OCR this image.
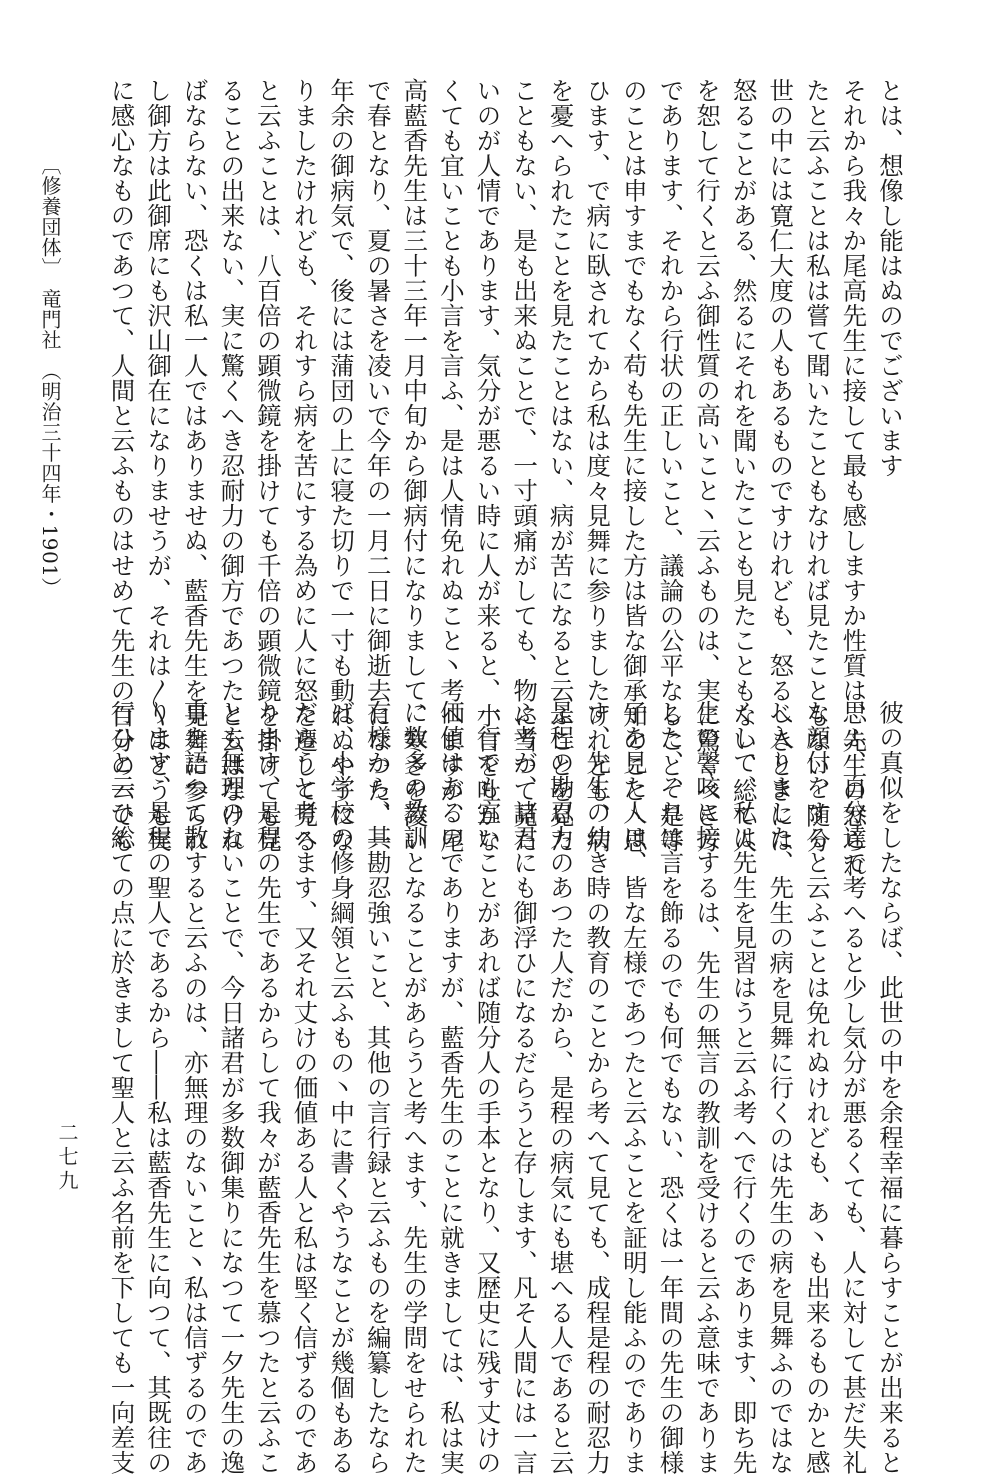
とは、想像し能はぬのでございます
それから我々か尾高先生に接して最も感しますか性質は、先生の怒られ
たと云ふことは私は嘗て聞いたこともなければ見たこともない、随分
世の中には寛仁大度の人もあるものですけれども、怒るへきときには
怒ることがある、然るにそれを聞いたことも見たこともない、総て人
を恕して行くと云ふ御性質の高いこと丶云ふものは、実に驚くべき方
であります、それから行状の正しいこと、議論の公平なること、是等
のことは申すまでもなく苟も先生に接した方は皆な御承知のこと丶思
ひます、で病に臥されてから私は度々見舞に参りましたけれども、病
を憂へられたことを見たことはない、病が苦になると云ふことを見た
こともない、是も出来ぬことで、一寸頭痛がしても、物に当つて見た
いのが人情であります、気分が悪るい時に人が来ると、小言を吐かな
くても宜いことも小言を言ふ、是は人情免れぬこと丶考へますが、尾
高藍香先生は三十三年一月中旬から御病付になりまして、寒さを凌い
で春となり、夏の暑さを凌いで今年の一月二日に御逝去になつた、一
年余の御病気で、後には蒲団の上に寝た切りで一寸も動れぬやうにな
りましたけれども、それすら病を苦にする為めに人に怒を遷して見る
と云ふことは、八百倍の顕微鏡を掛けても千倍の顕微鏡を掛けても見
ることの出来ない、実に驚くへき忍耐力の御方であつたと云はなけれ
ばならない、恐くは私一人ではありませぬ、藍香先生を見舞に参られ
し御方は此御席にも沢山御在になりませうが、それは〳〵はどうも実
に感心なものであつて、人間と云ふものはせめて先生の百分の一でも
彼の真似をしたならば、此世の中を余程幸福に暮らすことが出来ると
思ふ、自分達で考へると少し気分が悪るくても、人に対して甚だ失礼
な顔付をすると云ふことは免れぬけれども、あ丶も出来るものかと感
じ入りました、先生の病を見舞に行くのは先生の病を見舞ふのではな
くして、私は先生を見習はうと云ふ考へで行くのであります、即ち先
生の謦咳に接するは、先生の無言の教訓を受けると云ふ意味でありま
した、それは言を飾るのでも何でもない、恐くは一年間の先生の御様
子を見た人は、皆な左様であつたと云ふことを証明し能ふのでありま
す、先生の幼き時の教育のことから考へて見ても、成程是程の耐忍力
是程の勘忍力のあつた人だから、是程の病気にも堪へる人であると云
ふ考が、諸君にも御浮ひになるだらうと存します、凡そ人間には一言
一行でも宜いことがあれば随分人の手本となり、又歴史に残す丈けの
価値はあるのでありますが、藍香先生のことに就きましては、私は実
に数多の教訓となることがあらうと考へます、先生の学問をせられた
有様から、其勘忍強いこと、其他の言行録と云ふものを編纂したなら
ば、小学校の修身綱領と云ふもの丶中に書くやうなことが幾個もある
だらうと考へます、又それ丈けの価値ある人と私は堅く信ずるのであ
ります、是程の先生であるからして我々が藍香先生を慕つたと云ふこ
とも無理のないことで、今日諸君が多数御集りになつて一夕先生の逸
事を語つて散すると云ふのは、亦無理のないこと丶私は信ずるのであ
ります、是程の聖人であるから――私は藍香先生に向つて、其既往の
行ひと云ひ総ての点に於きまして聖人と云ふ名前を下しても一向差支
〔修養団体〕　竜門社　（明治三十四年・1901）
二七九
